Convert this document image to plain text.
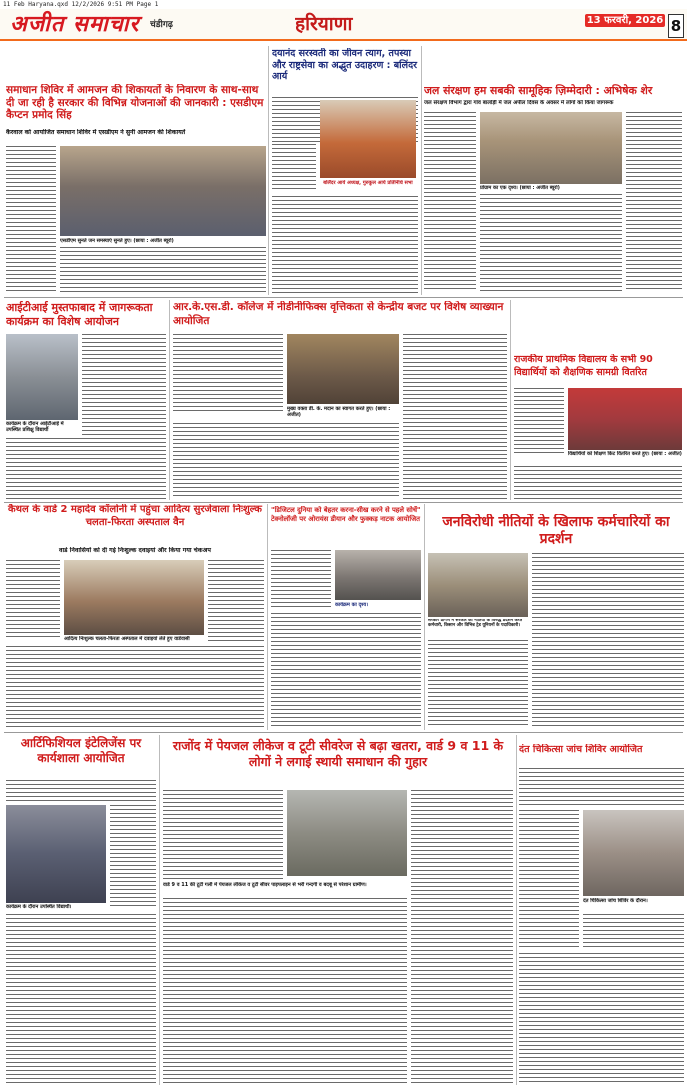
11 Feb Haryana.qxd 12/2/2026 9:51 PM Page 1
अजीत समाचार	चंडीगढ़	हरियाणा	13 फरवरी, 2026 8
समाधान शिविर में आमजन की शिकायतों के निवारण के साथ-साथ दी जा रही है सरकार की विभिन्न योजनाओं की जानकारी : एसडीएम कैप्टन प्रमोद सिंह
कैरवाल को आयोजित समाधान शिविर में एसडीएम ने सुनी आमजन की शिकायतें
एसडीएम सुनते जन समस्याएं सुनते हुए। (छाया : अजीत ब्यूरो)
दयानंद सरस्वती का जीवन त्याग, तपस्या और राष्ट्रसेवा का अद्भुत उदाहरण : बलिंदर आर्य
बलिंदर आर्य अध्यक्ष, गुरुकुल आर्य प्रतिनिधि सभा
जल संरक्षण हम सबकी सामूहिक ज़िम्मेदारी : अभिषेक शेर
जल संरक्षण विभाग द्वारा गांव बालोंड़ी में जल अपील दिवस के अवसर में लोगों को किया जागरूक
प्रोग्राम का एक दृश्य। (छाया : अजीत ब्यूरो)
आईटीआई मुस्तफाबाद में जागरूकता कार्यक्रम का विशेष आयोजन
कार्यक्रम के दौरान आईटीआई में उपस्थित प्रशिक्षु विद्यार्थी
आर.के.एस.डी. कॉलेज में नीडीनीफिक्स वृत्तिकता से केन्द्रीय बजट पर विशेष व्याख्यान आयोजित
मुख्य वक्ता डी. के. मदान का स्वागत करते हुए। (छाया : अजीत)
राजकीय प्राथमिक विद्यालय के सभी 90 विद्यार्थियों को शैक्षणिक सामग्री वितरित
विद्यार्थियों को शिक्षण किट वितरित करते हुए। (छाया : अजीत)
कैथल के वार्ड 2 महादेव कॉलोनी में पहुंचा आदित्य सुरजेवाला निःशुल्क चलता-फिरता अस्पताल वैन
वार्ड निवासियों को दी गई निःशुल्क दवाइयां और किया गया चेकअप
आदित्य निःशुल्क चलता-फिरता अस्पताल में दवाइयां लेते हुए वार्डवासी
"डिजिटल दुनिया को बेहतर करना-सीख करने से पहले सोचें" टेक्नोलॉजी पर ओरायंस डीयान और फुक्कड़ नाटक आयोजित
कार्यक्रम का दृश्य।
जनविरोधी नीतियों के खिलाफ कर्मचारियों का प्रदर्शन
सरकार प्रांगण में सरकार की नीतियों के विरुद्ध प्रदर्शन करते कर्मचारी, किसान और विभिन्न ट्रेड यूनियनों के पदाधिकारी।
आर्टिफिशियल इंटेलिजेंस पर कार्यशाला आयोजित
कार्यक्रम के दौरान उपस्थित विद्यार्थी।
राजोंद में पेयजल लीकेज व टूटी सीवरेज से बढ़ा खतरा, वार्ड 9 व 11 के लोगों ने लगाई स्थायी समाधान की गुहार
वार्ड 9 व 11 की टूटी गली में पेयजल लीकेज व टूटी सीवर पाइपलाइन से भरी गन्दगी व बदबू से परेशान ग्रामीण।
दंत चिकित्सा जांच शिविर आयोजित
दंत चिकित्सा जांच शिविर के दौरान।
